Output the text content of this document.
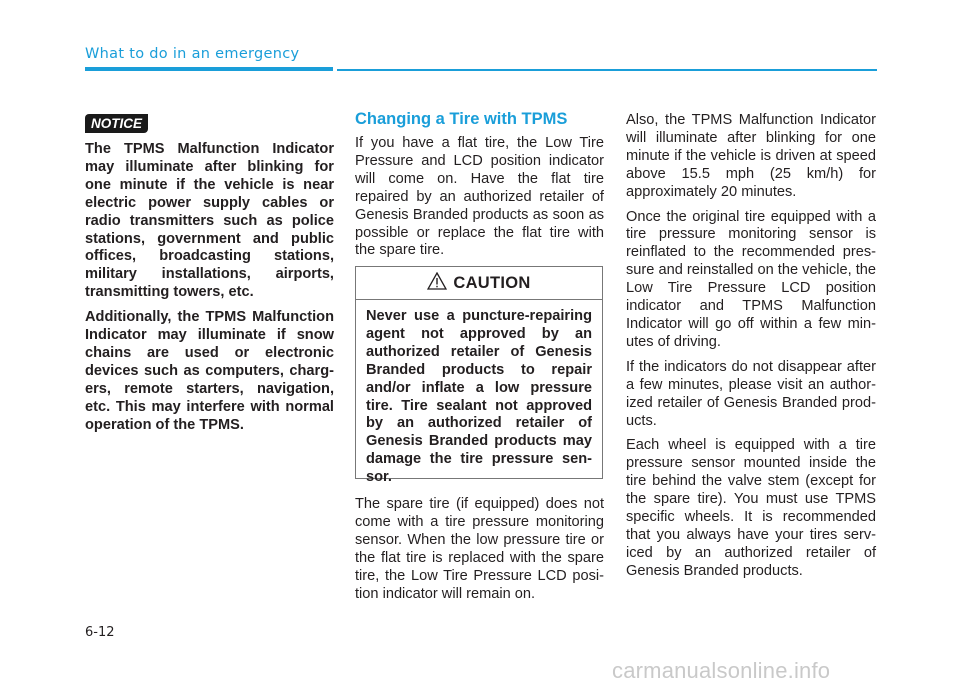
What to do in an emergency
NOTICE

The TPMS Malfunction Indicator may illuminate after blinking for one minute if the vehicle is near electric power supply cables or radio transmitters such as police stations, government and public offices, broadcasting stations, military installations, airports, transmitting towers, etc.

Additionally, the TPMS Malfunction Indicator may illuminate if snow chains are used or electronic devices such as computers, charg-ers, remote starters, navigation, etc. This may interfere with normal operation of the TPMS.

Changing a Tire with TPMS

If you have a flat tire, the Low Tire Pressure and LCD position indicator will come on. Have the flat tire repaired by an authorized retailer of Genesis Branded products as soon as possible or replace the flat tire with the spare tire.

CAUTION
Never use a puncture-repairing agent not approved by an authorized retailer of Genesis Branded products to repair and/or inflate a low pressure tire. Tire sealant not approved by an authorized retailer of Genesis Branded products may damage the tire pressure sen-sor.
The spare tire (if equipped) does not come with a tire pressure monitoring sensor. When the low pressure tire or the flat tire is replaced with the spare tire, the Low Tire Pressure LCD posi-tion indicator will remain on.

Also, the TPMS Malfunction Indicator will illuminate after blinking for one minute if the vehicle is driven at speed above 15.5 mph (25 km/h) for approximately 20 minutes.

Once the original tire equipped with a tire pressure monitoring sensor is reinflated to the recommended pres-sure and reinstalled on the vehicle, the Low Tire Pressure LCD position indicator and TPMS Malfunction Indicator will go off within a few min-utes of driving.

If the indicators do not disappear after a few minutes, please visit an author-ized retailer of Genesis Branded prod-ucts.

Each wheel is equipped with a tire pressure sensor mounted inside the tire behind the valve stem (except for the spare tire). You must use TPMS specific wheels. It is recommended that you always have your tires serv-iced by an authorized retailer of Genesis Branded products.

6-12
carmanualsonline.info
